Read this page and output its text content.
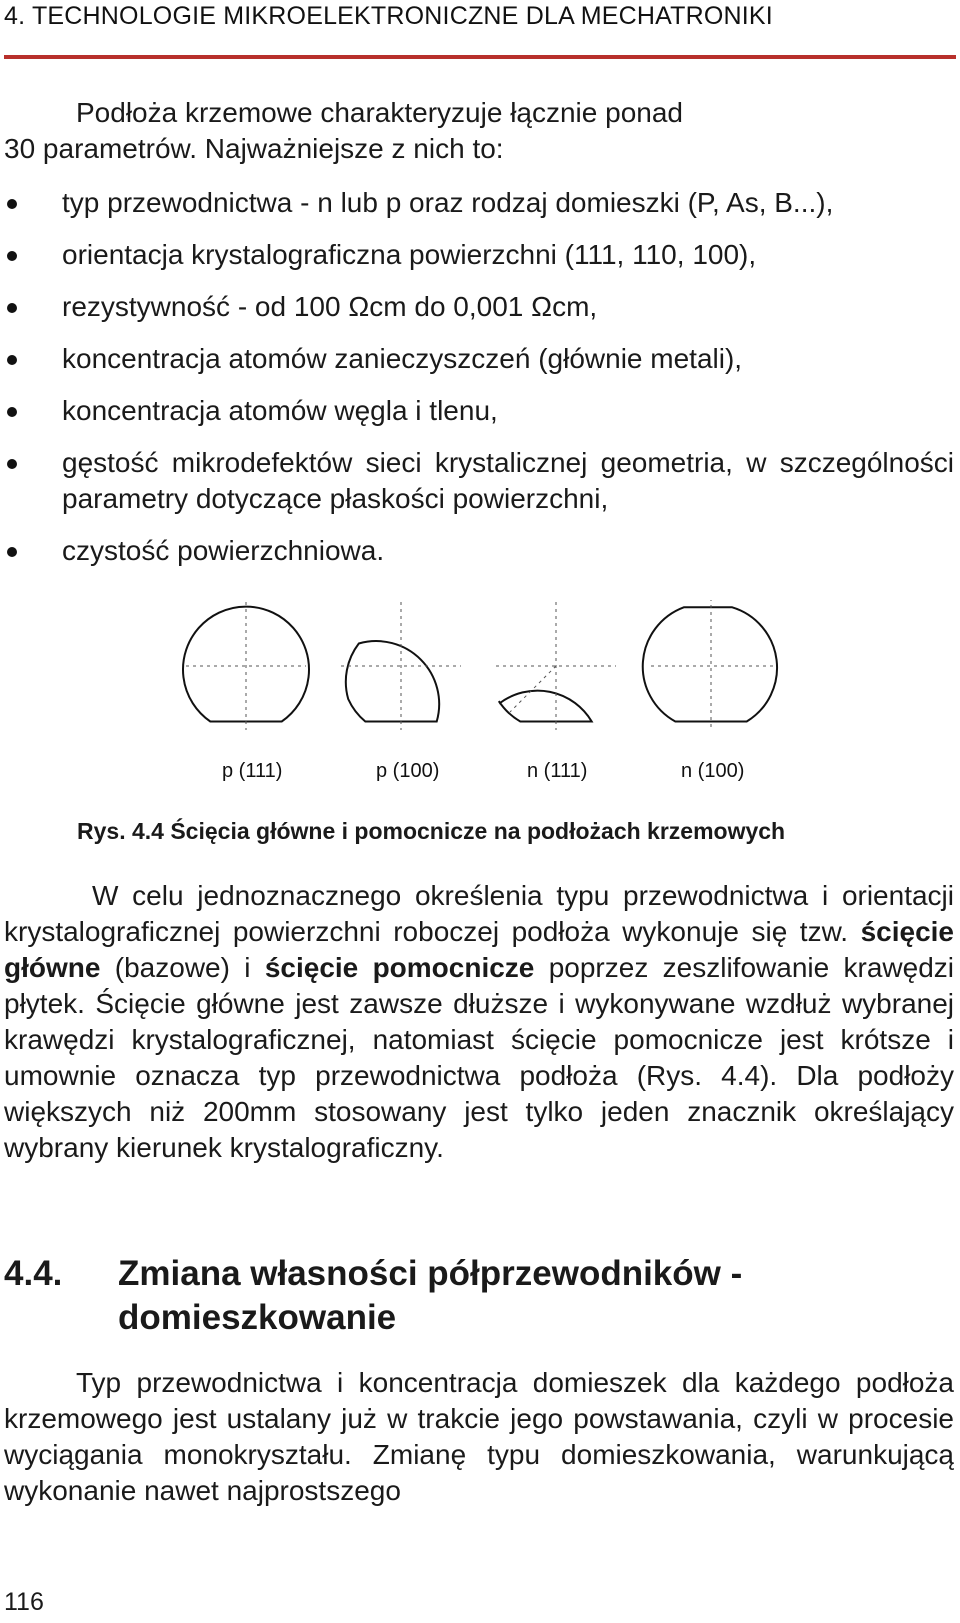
4. TECHNOLOGIE MIKROELEKTRONICZNE DLA MECHATRONIKI
Podłoża krzemowe charakteryzuje łącznie ponad
30 parametrów. Najważniejsze z nich to:
typ przewodnictwa - n lub p oraz rodzaj domieszki (P, As, B...),
orientacja krystalograficzna powierzchni (111, 110, 100),
rezystywność - od 100 Ωcm do 0,001 Ωcm,
koncentracja atomów zanieczyszczeń (głównie metali),
koncentracja atomów węgla i tlenu,
gęstość mikrodefektów sieci krystalicznej geometria, w szczególności parametry dotyczące płaskości powierzchni,
czystość powierzchniowa.
p (111)	p (100)	n (111)	n (100)
Rys. 4.4 Ścięcia główne i pomocnicze na podłożach krzemowych
W celu jednoznacznego określenia typu przewodnictwa i orientacji krystalograficznej powierzchni roboczej podłoża wykonuje się tzw. ścięcie główne (bazowe) i ścięcie pomocnicze poprzez zeszlifowanie krawędzi płytek. Ścięcie główne jest zawsze dłuższe i wykonywane wzdłuż wybranej krawędzi krystalograficznej, natomiast ścięcie pomocnicze jest krótsze i umownie oznacza typ przewodnictwa podłoża (Rys. 4.4). Dla podłoży większych niż 200mm stosowany jest tylko jeden znacznik określający wybrany kierunek krystalograficzny.
4.4. Zmiana własności półprzewodników - domieszkowanie
Typ przewodnictwa i koncentracja domieszek dla każdego podłoża krzemowego jest ustalany już w trakcie jego powstawania, czyli w procesie wyciągania monokryształu. Zmianę typu domieszkowania, warunkującą wykonanie nawet najprostszego
116
